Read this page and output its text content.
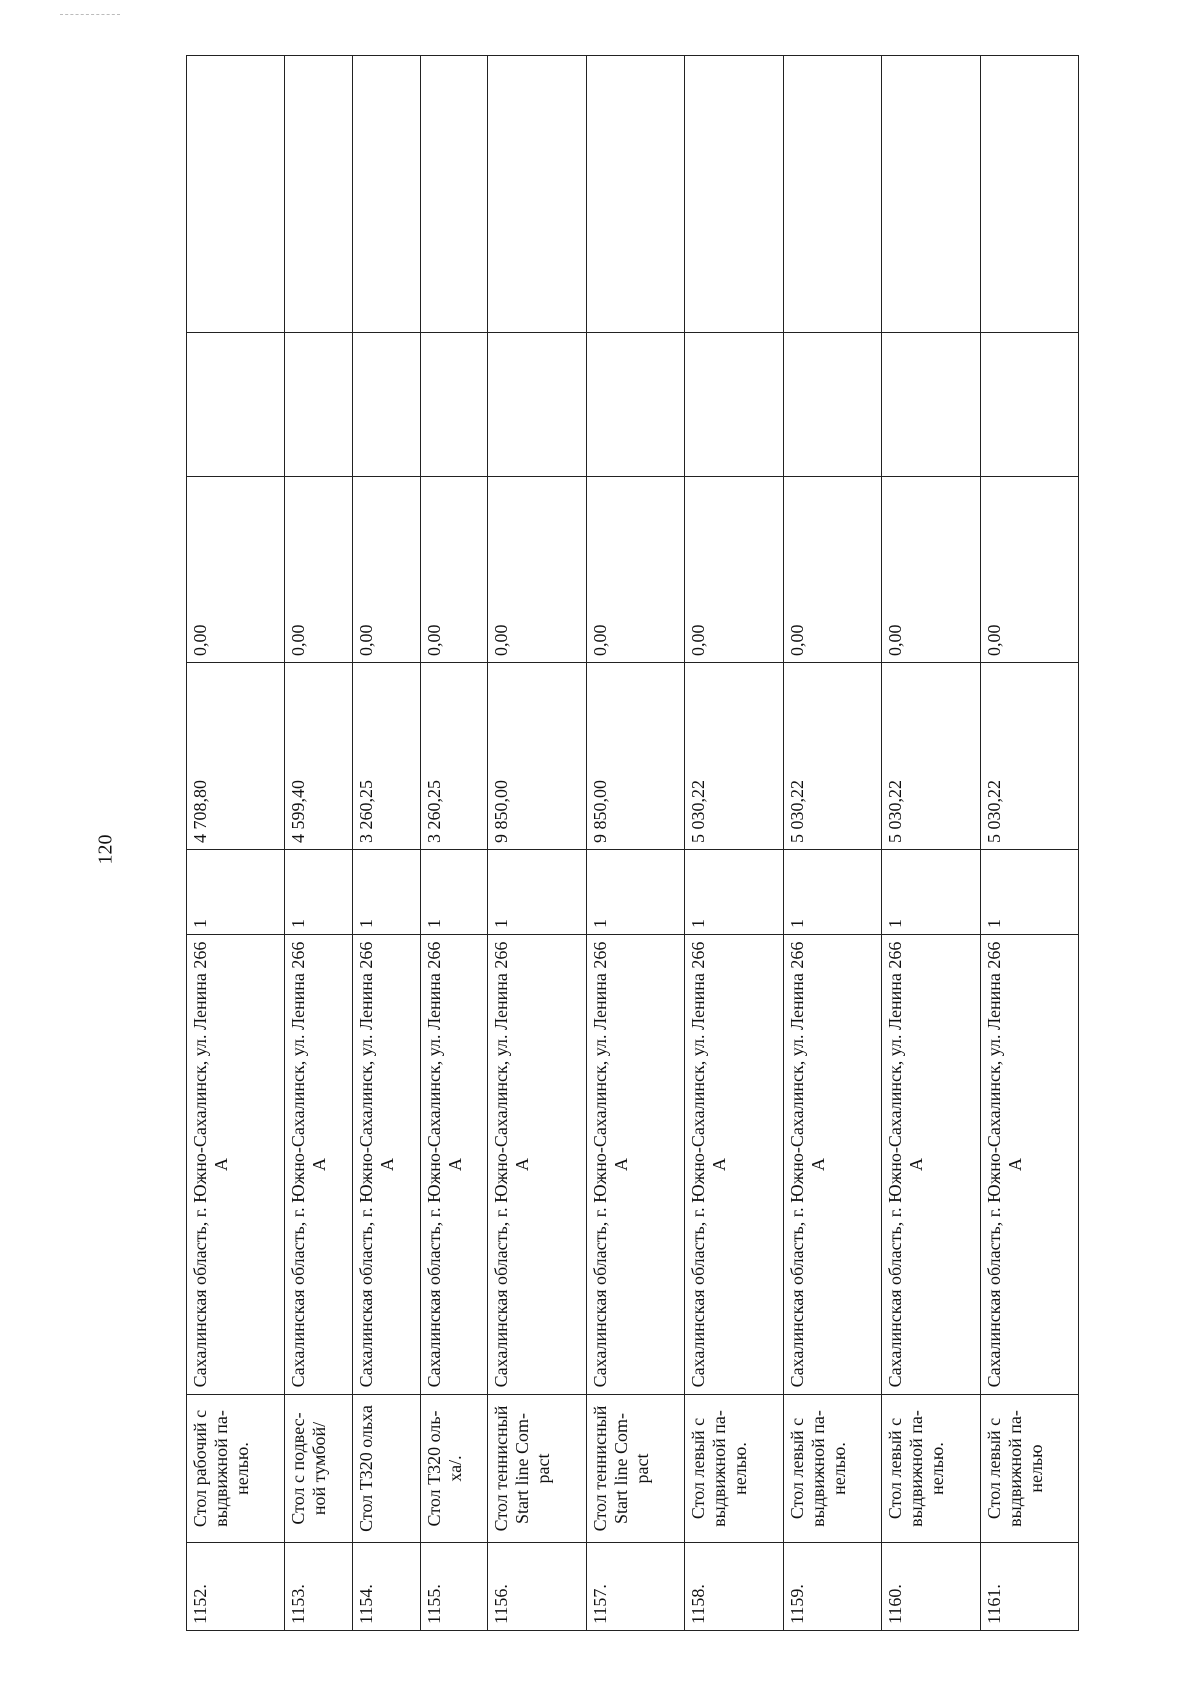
120
1152.	Стол рабочий с выдвижной па-нелью.	Сахалинская область, г. Южно-Сахалинск, ул. Ленина 266 А	1	4 708,80	0,00		
1153.	Стол с подвес-ной тумбой/	Сахалинская область, г. Южно-Сахалинск, ул. Ленина 266 А	1	4 599,40	0,00		
1154.	Стол Т320 ольха	Сахалинская область, г. Южно-Сахалинск, ул. Ленина 266 А	1	3 260,25	0,00		
1155.	Стол Т320 оль-ха/.	Сахалинская область, г. Южно-Сахалинск, ул. Ленина 266 А	1	3 260,25	0,00		
1156.	Стол теннисный Start line Com-pact	Сахалинская область, г. Южно-Сахалинск, ул. Ленина 266 А	1	9 850,00	0,00		
1157.	Стол теннисный Start line Com-pact	Сахалинская область, г. Южно-Сахалинск, ул. Ленина 266 А	1	9 850,00	0,00		
1158.	Стол левый с выдвижной па-нелью.	Сахалинская область, г. Южно-Сахалинск, ул. Ленина 266 А	1	5 030,22	0,00		
1159.	Стол левый с выдвижной па-нелью.	Сахалинская область, г. Южно-Сахалинск, ул. Ленина 266 А	1	5 030,22	0,00		
1160.	Стол левый с выдвижной па-нелью.	Сахалинская область, г. Южно-Сахалинск, ул. Ленина 266 А	1	5 030,22	0,00		
1161.	Стол левый с выдвижной па-нелью	Сахалинская область, г. Южно-Сахалинск, ул. Ленина 266 А	1	5 030,22	0,00		
